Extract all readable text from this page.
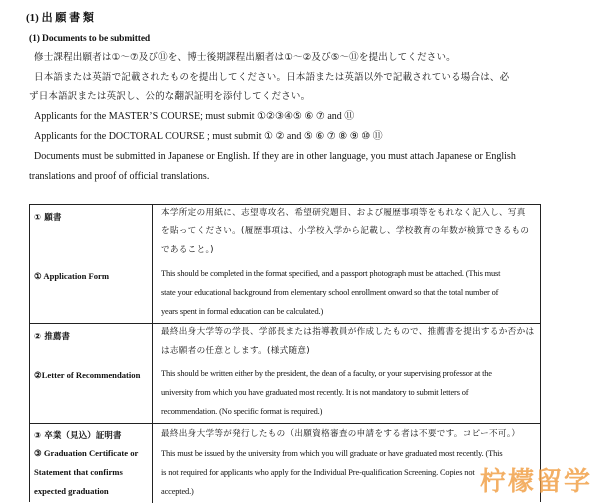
(1) 出 願 書 類
(1) Documents to be submitted
修士課程出願者は①〜⑦及び⑪を、博士後期課程出願者は①〜②及び⑤〜⑪を提出してください。
日本語または英語で記載されたものを提出してください。日本語または英語以外で記載されている場合は、必
ず日本語訳または英訳し、公的な翻訳証明を添付してください。
Applicants for the MASTER’S COURSE; must submit ①②③④⑤ ⑥ ⑦ and ⑪
Applicants for the DOCTORAL COURSE ; must submit ① ② and ⑤ ⑥ ⑦ ⑧ ⑨ ⑩ ⑪
Documents must be submitted in Japanese or English. If they are in other language, you must attach Japanese or English
translations and proof of official translations.
① 願書
① Application Form
本学所定の用紙に、志望専攻名、希望研究題目、および履歴事項等をもれなく記入し、写真
を貼ってください。(履歴事項は、小学校入学から記載し、学校教育の年数が検算できるもの
であること。)
This should be completed in the format specified, and a passport photograph must be attached. (This must
state your educational background from elementary school enrollment onward so that the total number of
years spent in formal education can be calculated.)
② 推薦書
②Letter of Recommendation
最終出身大学等の学長、学部長または指導教員が作成したもので、推薦書を提出するか否かは
は志願者の任意とします。(様式随意)
This should be written either by the president, the dean of a faculty, or your supervising professor at the
university from which you have graduated most recently. It is not mandatory to submit letters of
recommendation. (No specific format is required.)
③ 卒業（見込）証明書
③ Graduation Certificate or
Statement that confirms
expected graduation
最終出身大学等が発行したもの（出願資格審査の申請をする者は不要です。コピー不可。）
This must be issued by the university from which you will graduate or have graduated most recently. (This
is not required for applicants who apply for the Individual Pre-qualification Screening. Copies not
accepted.)	柠檬留学
